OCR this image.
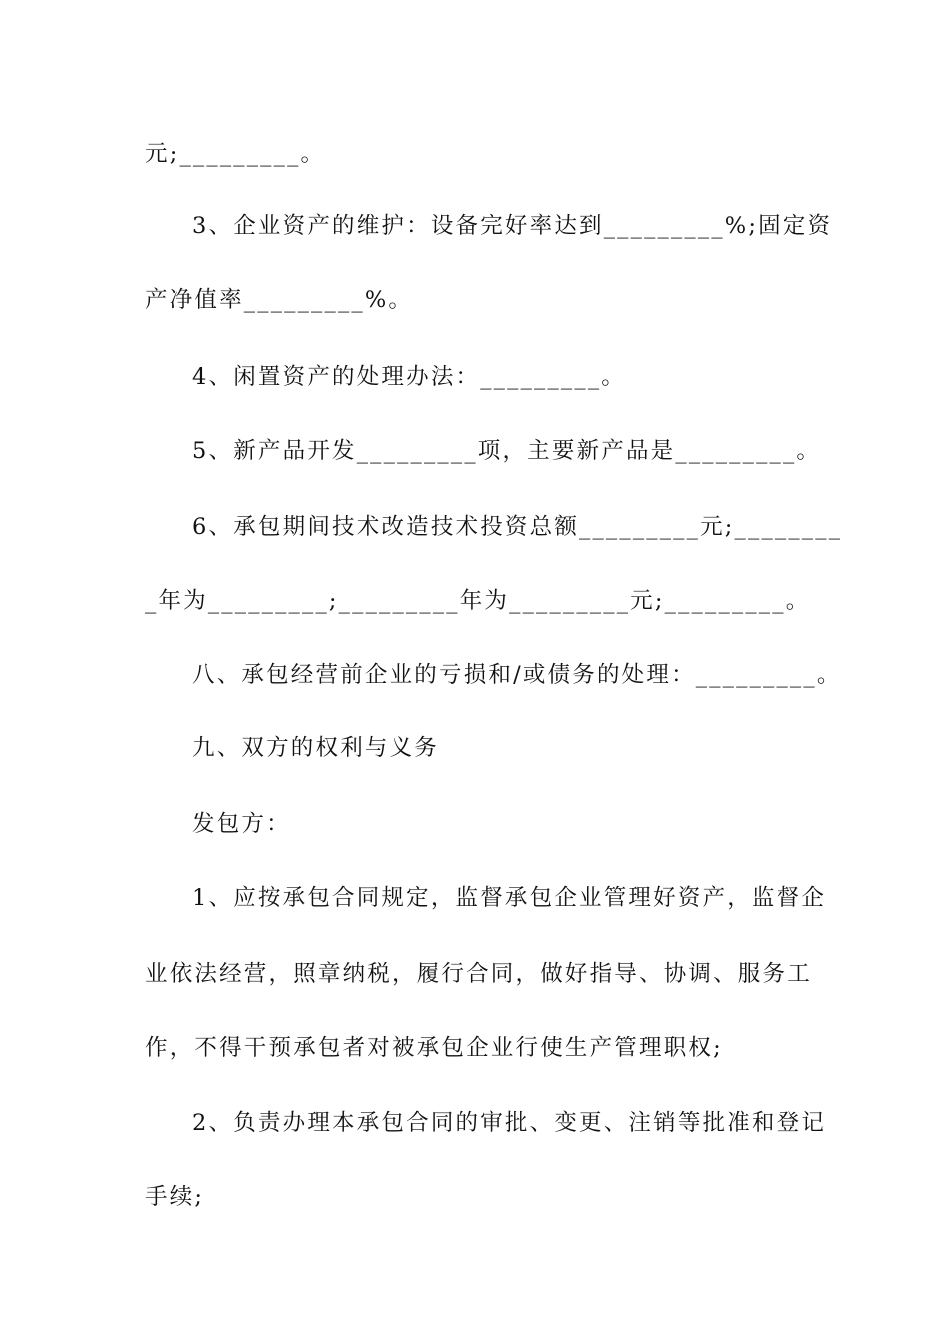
元;_________。
3、企业资产的维护：设备完好率达到_________%;固定资
产净值率_________%。
4、闲置资产的处理办法：_________。
5、新产品开发_________项，主要新产品是_________。
6、承包期间技术改造技术投资总额_________元;________
_年为_________;_________年为_________元;_________。
八、承包经营前企业的亏损和/或债务的处理：_________。
九、双方的权利与义务
发包方：
1、应按承包合同规定，监督承包企业管理好资产，监督企
业依法经营，照章纳税，履行合同，做好指导、协调、服务工
作，不得干预承包者对被承包企业行使生产管理职权;
2、负责办理本承包合同的审批、变更、注销等批准和登记
手续;
